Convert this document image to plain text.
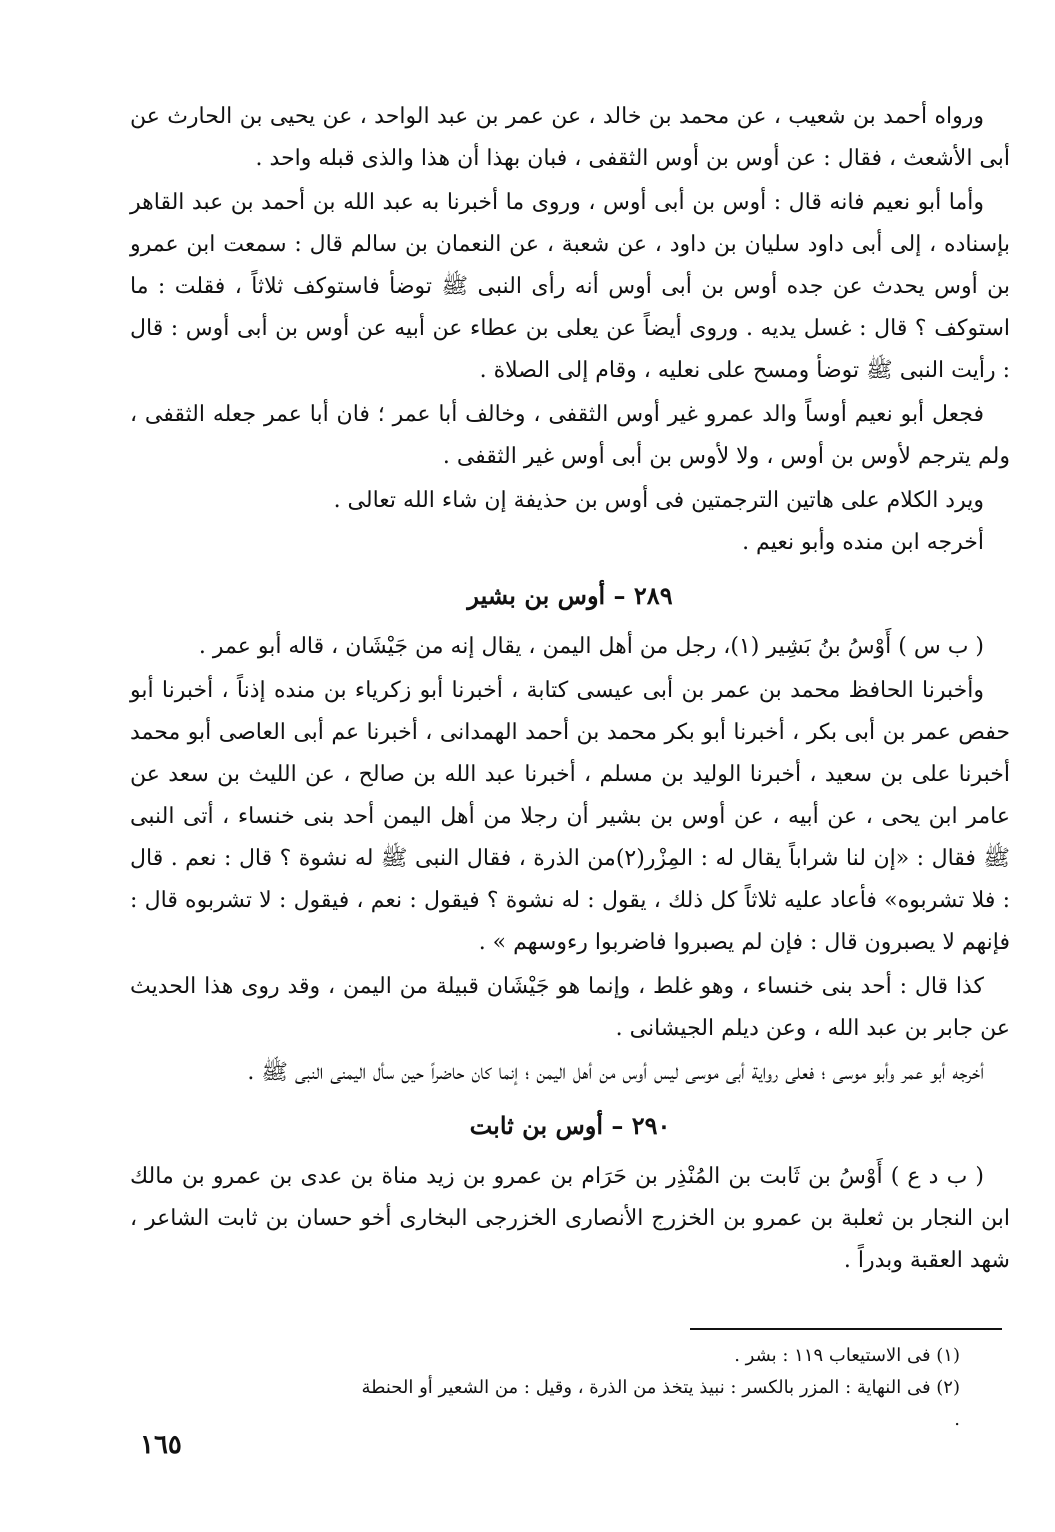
ورواه أحمد بن شعيب ، عن محمد بن خالد ، عن عمر بن عبد الواحد ، عن يحيى بن الحارث عن أبى الأشعث ، فقال : عن أوس بن أوس الثقفى ، فبان بهذا أن هذا والذى قبله واحد .

وأما أبو نعيم فانه قال : أوس بن أبى أوس ، وروى ما أخبرنا به عبد الله بن أحمد بن عبد القاهر بإسناده ، إلى أبى داود سليان بن داود ، عن شعبة ، عن النعمان بن سالم قال : سمعت ابن عمرو بن أوس يحدث عن جده أوس بن أبى أوس أنه رأى النبى ﷺ توضأ فاستوكف ثلاثاً ، فقلت : ما استوكف ؟ قال : غسل يديه . وروى أيضاً عن يعلى بن عطاء عن أبيه عن أوس بن أبى أوس : قال : رأيت النبى ﷺ توضأ ومسح على نعليه ، وقام إلى الصلاة .

فجعل أبو نعيم أوساً والد عمرو غير أوس الثقفى ، وخالف أبا عمر ؛ فان أبا عمر جعله الثقفى ، ولم يترجم لأوس بن أوس ، ولا لأوس بن أبى أوس غير الثقفى .

ويرد الكلام على هاتين الترجمتين فى أوس بن حذيفة إن شاء الله تعالى .

أخرجه ابن منده وأبو نعيم .

٢٨٩ – أوس بن بشير

( ب س ) أَوْسُ بنُ بَشِير (١)، رجل من أهل اليمن ، يقال إنه من جَيْشَان ، قاله أبو عمر .

وأخبرنا الحافظ محمد بن عمر بن أبى عيسى كتابة ، أخبرنا أبو زكرياء بن منده إذناً ، أخبرنا أبو حفص عمر بن أبى بكر ، أخبرنا أبو بكر محمد بن أحمد الهمدانى ، أخبرنا عم أبى العاصى أبو محمد أخبرنا على بن سعيد ، أخبرنا الوليد بن مسلم ، أخبرنا عبد الله بن صالح ، عن الليث بن سعد عن عامر ابن يحى ، عن أبيه ، عن أوس بن بشير أن رجلا من أهل اليمن أحد بنى خنساء ، أتى النبى ﷺ فقال : «إن لنا شراباً يقال له : المِزْر(٢)من الذرة ، فقال النبى ﷺ له نشوة ؟ قال : نعم . قال : فلا تشربوه» فأعاد عليه ثلاثاً كل ذلك ، يقول : له نشوة ؟ فيقول : نعم ، فيقول : لا تشربوه قال : فإنهم لا يصبرون قال : فإن لم يصبروا فاضربوا رءوسهم » .

كذا قال : أحد بنى خنساء ، وهو غلط ، وإنما هو جَيْشَان قبيلة من اليمن ، وقد روى هذا الحديث عن جابر بن عبد الله ، وعن ديلم الجيشانى .

أخرجه أبو عمر وأبو موسى ؛ فعلى رواية أبى موسى ليس أوس من أهل اليمن ؛ إنما كان حاضراً حين سأل اليمنى النبى ﷺ .

٢٩٠ – أوس بن ثابت

( ب د ع ) أَوْسُ بن ثَابت بن المُنْذِر بن حَرَام بن عمرو بن زيد مناة بن عدى بن عمرو بن مالك ابن النجار بن ثعلبة بن عمرو بن الخزرج الأنصارى الخزرجى البخارى أخو حسان بن ثابت الشاعر ، شهد العقبة وبدراً .

(١) فى الاستيعاب ١١٩ : بشر .

(٢) فى النهاية : المزر بالكسر : نبيذ يتخذ من الذرة ، وقيل : من الشعير أو الحنطة .

١٦٥
